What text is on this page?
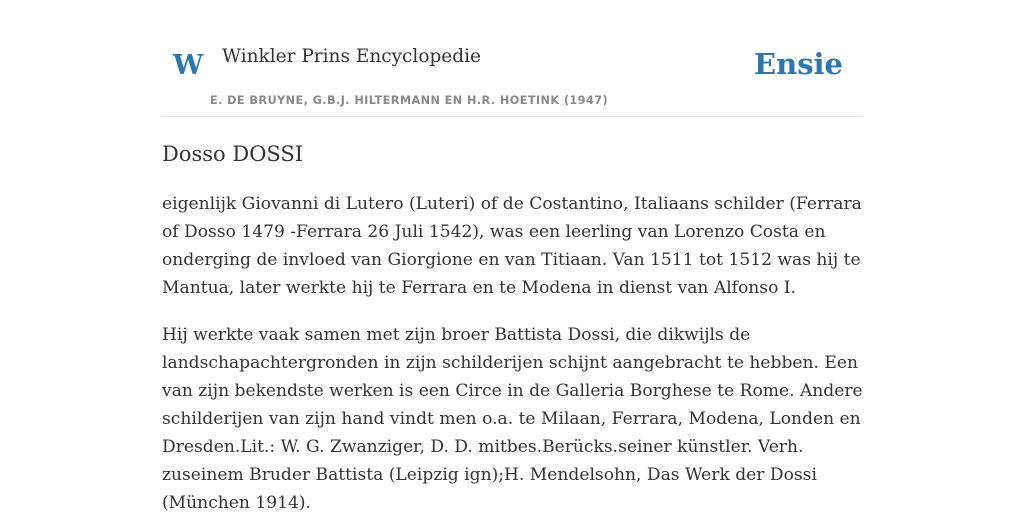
W Winkler Prins Encyclopedie
E. DE BRUYNE, G.B.J. HILTERMANN EN H.R. HOETINK (1947)
Ensie
Dosso DOSSI

eigenlijk Giovanni di Lutero (Luteri) of de Costantino, Italiaans schilder (Ferrara of Dosso 1479 -Ferrara 26 Juli 1542), was een leerling van Lorenzo Costa en onderging de invloed van Giorgione en van Titiaan. Van 1511 tot 1512 was hij te Mantua, later werkte hij te Ferrara en te Modena in dienst van Alfonso I.

Hij werkte vaak samen met zijn broer Battista Dossi, die dikwijls de landschapachtergronden in zijn schilderijen schijnt aangebracht te hebben. Een van zijn bekendste werken is een Circe in de Galleria Borghese te Rome. Andere schilderijen van zijn hand vindt men o.a. te Milaan, Ferrara, Modena, Londen en Dresden.Lit.: W. G. Zwanziger, D. D. mitbes.Berücks.seiner künstler. Verh. zuseinem Bruder Battista (Leipzig ign);H. Mendelsohn, Das Werk der Dossi (München 1914).
